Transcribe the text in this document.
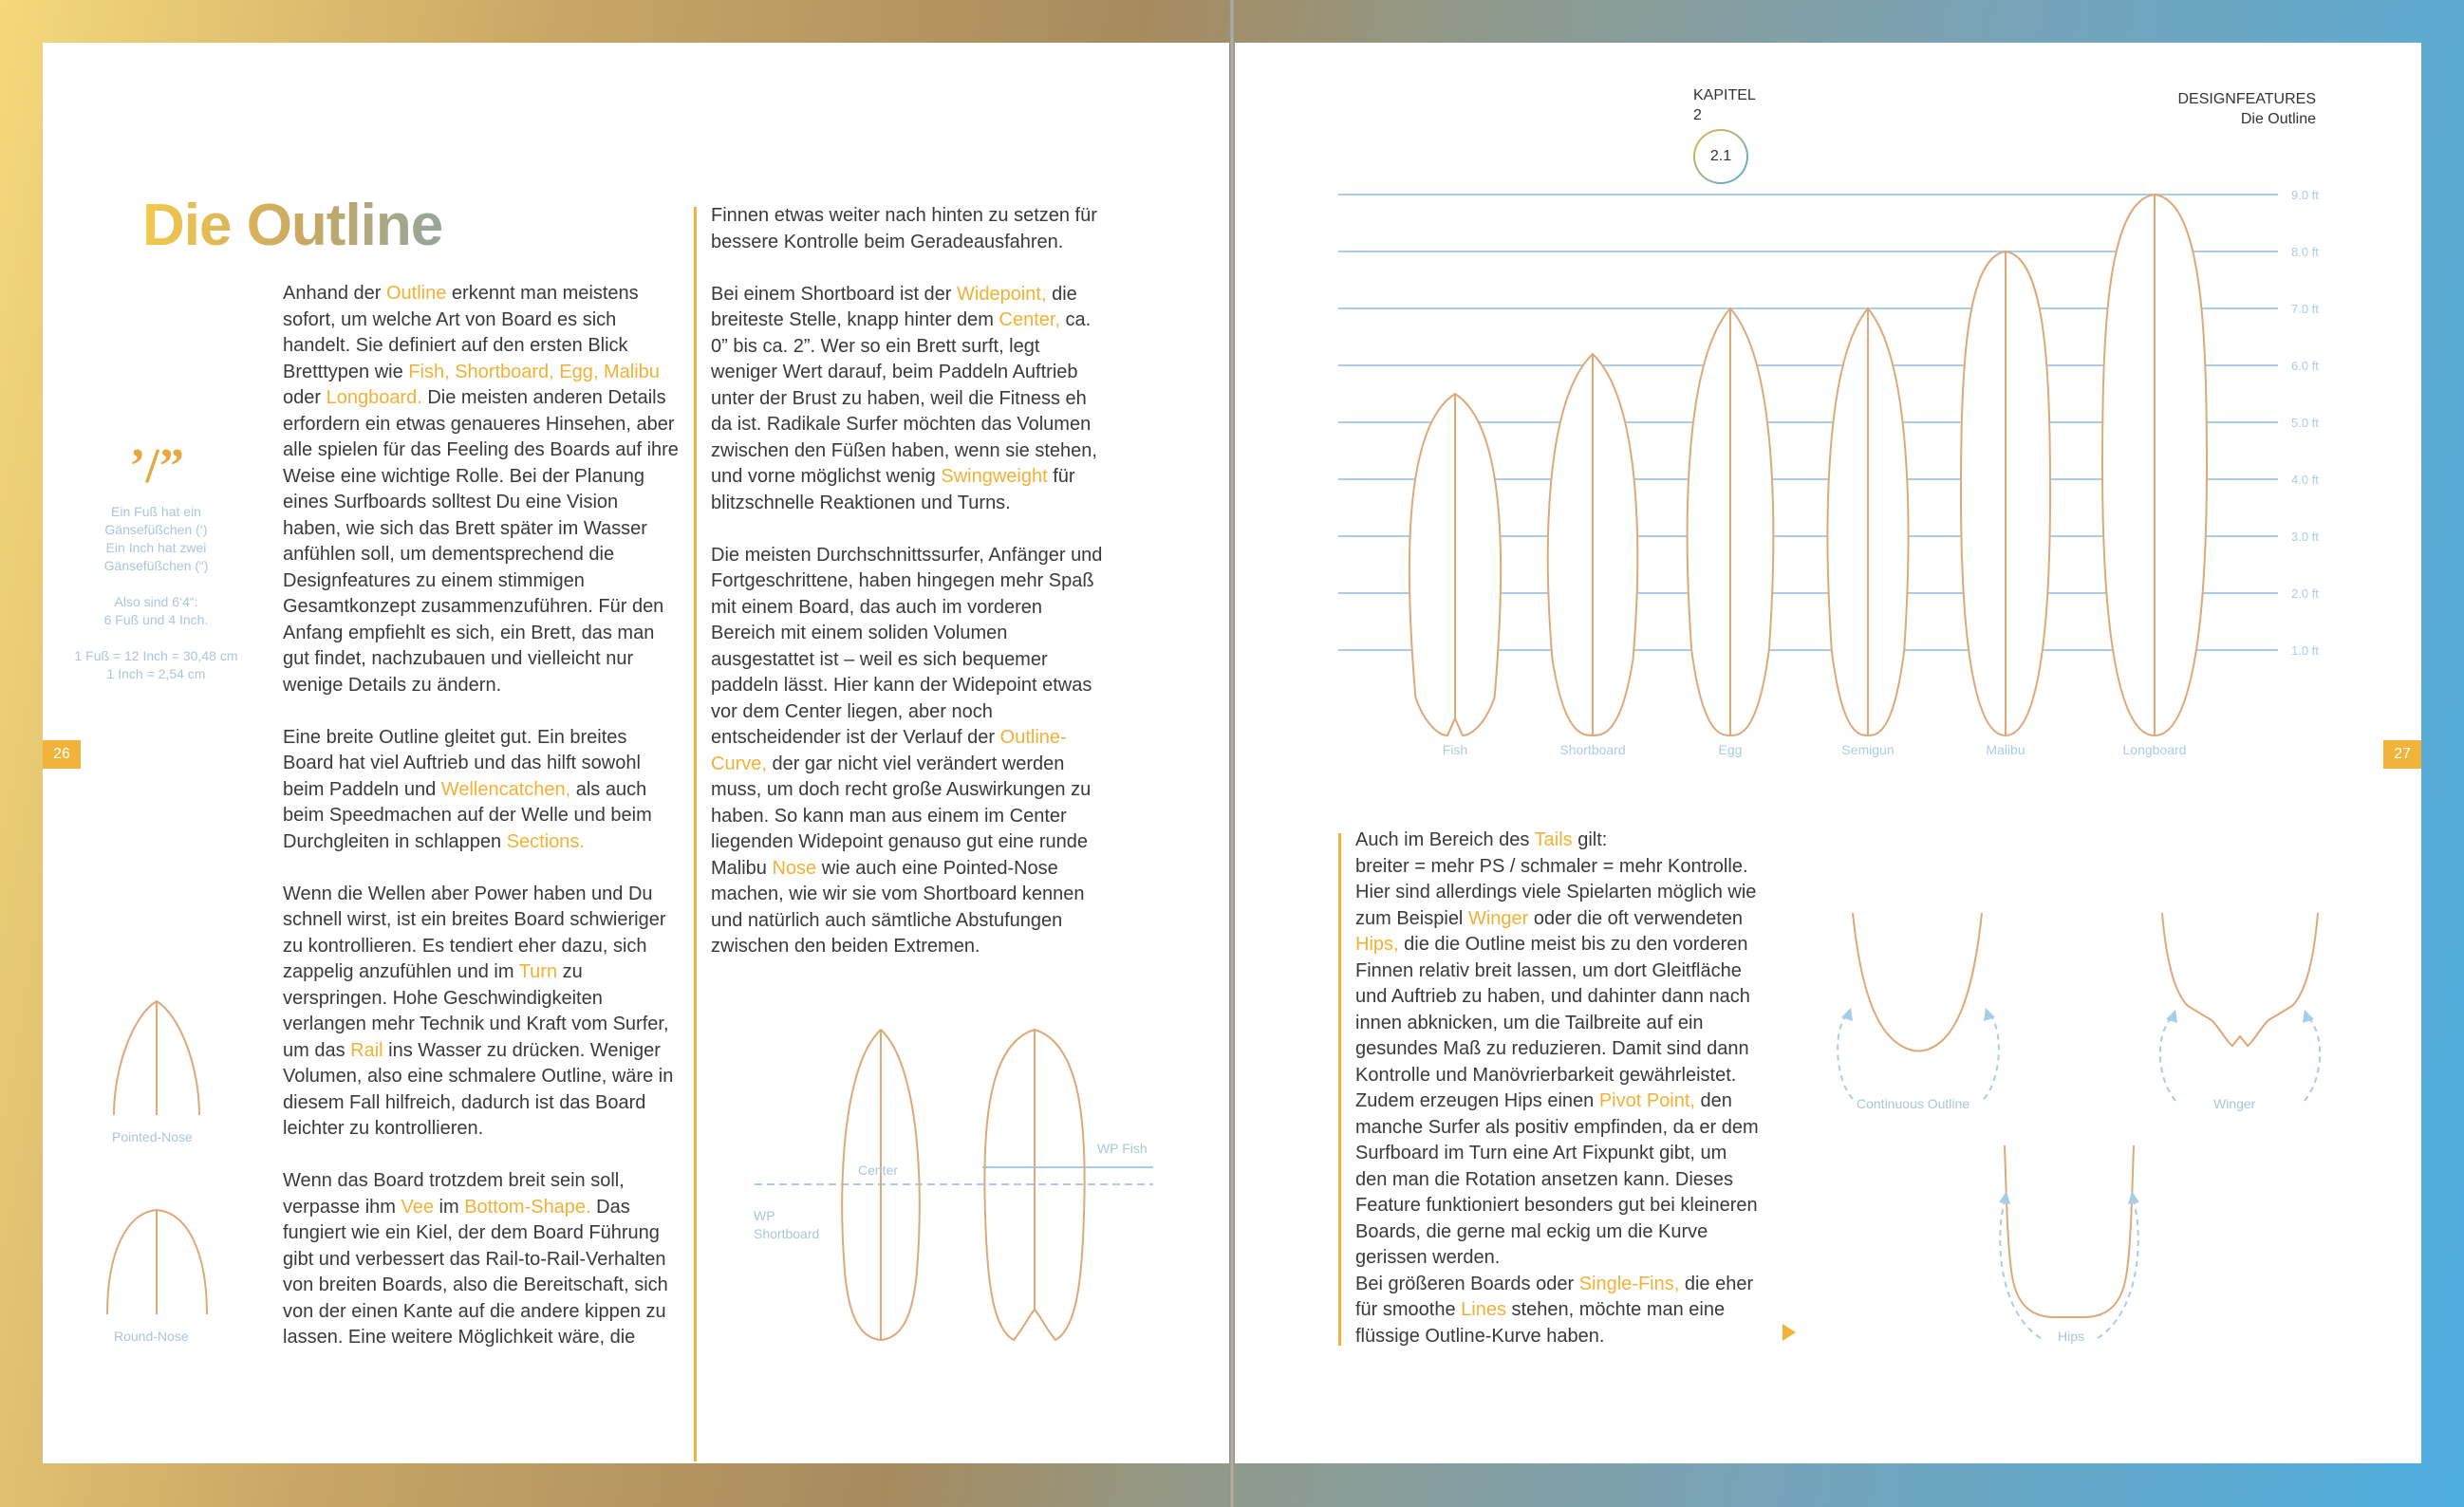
Die Outline
’/”
Ein Fuß hat ein
Gänsefüßchen (‘)
Ein Inch hat zwei
Gänsefüßchen (“)
Also sind 6‘4“:
6 Fuß und 4 Inch.
1 Fuß = 12 Inch = 30,48 cm
1 Inch = 2,54 cm
26

Anhand der Outline erkennt man meistens sofort, um welche Art von Board es sich handelt. Sie definiert auf den ersten Blick Bretttypen wie Fish, Shortboard, Egg, Malibu oder Longboard. Die meisten anderen Details erfordern ein etwas genaueres Hinsehen, aber alle spielen für das Feeling des Boards auf ihre Weise eine wichtige Rolle. Bei der Planung eines Surfboards solltest Du eine Vision haben, wie sich das Brett später im Wasser anfühlen soll, um dementsprechend die Designfeatures zu einem stimmigen Gesamtkonzept zusammenzuführen. Für den Anfang empfiehlt es sich, ein Brett, das man gut findet, nachzubauen und vielleicht nur wenige Details zu ändern.

Eine breite Outline gleitet gut. Ein breites Board hat viel Auftrieb und das hilft sowohl beim Paddeln und Wellencatchen, als auch beim Speedmachen auf der Welle und beim Durchgleiten in schlappen Sections.

Wenn die Wellen aber Power haben und Du schnell wirst, ist ein breites Board schwieriger zu kontrollieren. Es tendiert eher dazu, sich zappelig anzufühlen und im Turn zu verspringen. Hohe Geschwindigkeiten verlangen mehr Technik und Kraft vom Surfer, um das Rail ins Wasser zu drücken. Weniger Volumen, also eine schmalere Outline, wäre in diesem Fall hilfreich, dadurch ist das Board leichter zu kontrollieren.

Wenn das Board trotzdem breit sein soll, verpasse ihm Vee im Bottom-Shape. Das fungiert wie ein Kiel, der dem Board Führung gibt und verbessert das Rail-to-Rail-Verhalten von breiten Boards, also die Bereitschaft, sich von der einen Kante auf die andere kippen zu lassen. Eine weitere Möglichkeit wäre, die

Finnen etwas weiter nach hinten zu setzen für bessere Kontrolle beim Geradeausfahren.

Bei einem Shortboard ist der Widepoint, die breiteste Stelle, knapp hinter dem Center, ca. 0” bis ca. 2”. Wer so ein Brett surft, legt weniger Wert darauf, beim Paddeln Auftrieb unter der Brust zu haben, weil die Fitness eh da ist. Radikale Surfer möchten das Volumen zwischen den Füßen haben, wenn sie stehen, und vorne möglichst wenig Swingweight für blitzschnelle Reaktionen und Turns.

Die meisten Durchschnittssurfer, Anfänger und Fortgeschrittene, haben hingegen mehr Spaß mit einem Board, das auch im vorderen Bereich mit einem soliden Volumen ausgestattet ist – weil es sich bequemer paddeln lässt. Hier kann der Widepoint etwas vor dem Center liegen, aber noch entscheidender ist der Verlauf der Outline-Curve, der gar nicht viel verändert werden muss, um doch recht große Auswirkungen zu haben. So kann man aus einem im Center liegenden Widepoint genauso gut eine runde Malibu Nose wie auch eine Pointed-Nose machen, wie wir sie vom Shortboard kennen und natürlich auch sämtliche Abstufungen zwischen den beiden Extremen.

Pointed-Nose
Round-Nose
Center
WP Fish
WP
Shortboard
KAPITEL
2
2.1
DESIGNFEATURES
Die Outline
1.0 ft
2.0 ft
3.0 ft
4.0 ft
5.0 ft
6.0 ft
7.0 ft
8.0 ft
9.0 ft
Fish	Shortboard	Egg	Semigun	Malibu	Longboard	27
Auch im Bereich des Tails gilt:
breiter = mehr PS / schmaler = mehr Kontrolle.
Hier sind allerdings viele Spielarten möglich wie zum Beispiel Winger oder die oft verwendeten Hips, die die Outline meist bis zu den vorderen Finnen relativ breit lassen, um dort Gleitfläche und Auftrieb zu haben, und dahinter dann nach innen abknicken, um die Tailbreite auf ein gesundes Maß zu reduzieren. Damit sind dann Kontrolle und Manövrierbarkeit gewährleistet. Zudem erzeugen Hips einen Pivot Point, den manche Surfer als positiv empfinden, da er dem Surfboard im Turn eine Art Fixpunkt gibt, um den man die Rotation ansetzen kann. Dieses Feature funktioniert besonders gut bei kleineren Boards, die gerne mal eckig um die Kurve gerissen werden.
Bei größeren Boards oder Single-Fins, die eher für smoothe Lines stehen, möchte man eine flüssige Outline-Kurve haben.
Continuous Outline	Winger
Hips
